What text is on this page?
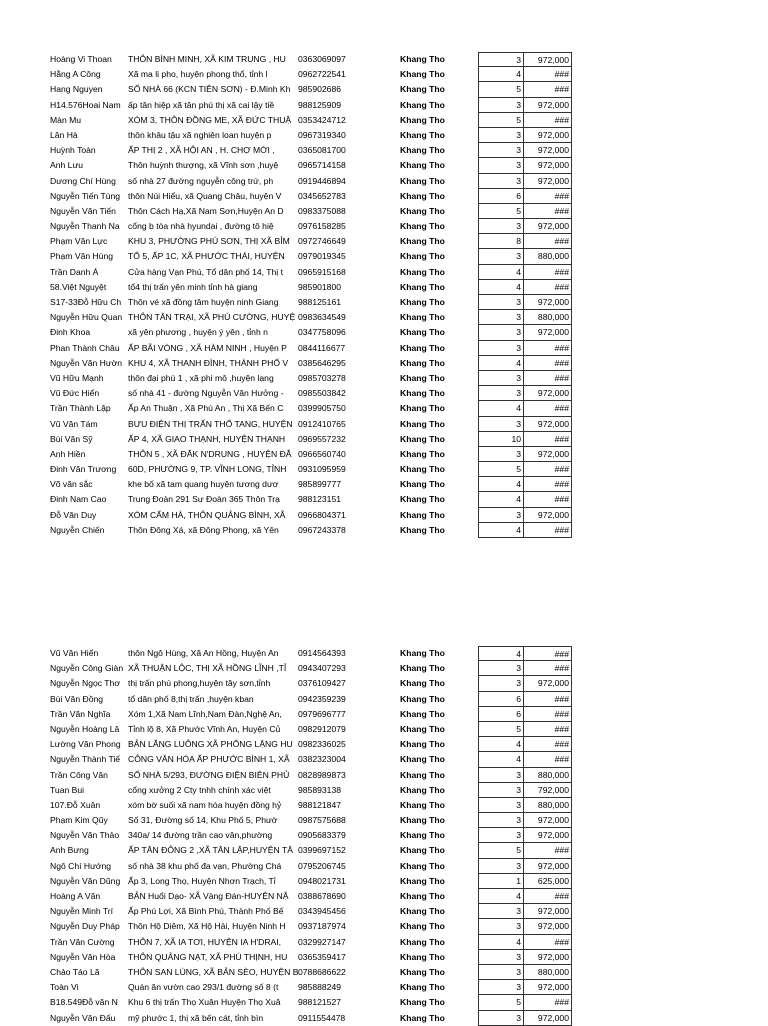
Hoàng Vi Thoan	THÔN BÌNH MINH, XÃ KIM TRUNG , HU 0363069097	Khang Tho	3	972,000
Hằng A Công	Xã ma li pho, huyện phong thổ, tỉnh l	0962722541	Khang Tho	4	###
Hang Nguyen	SỐ NHÀ 66 (KCN TIÊN SƠN) - Đ.Minh Kh 985902686	Khang Tho	5	###
H14.576Hoai Nam ấp tân hiệp xã tân phú thị xã cai lậy tiề	988125909	Khang Tho	3	972,000
Màn Mu	XÓM 3, THÔN ĐỒNG ME, XÃ ĐỨC THUẬ 0353424712	Khang Tho	5	###
Lân Hà	thôn khâu tậu xã nghiên loan huyện p	0967319340	Khang Tho	3	972,000
Huỳnh Toàn	ẤP THỊ 2 , XÃ HỘI AN , H. CHỢ MỚI ,	0365081700	Khang Tho	3	972,000
Anh Lưu	Thôn huỳnh thượng, xã Vĩnh sơn ,huyệ 0965714158	Khang Tho	3	972,000
Dương Chí Hùng	số nhà 27 đường nguyễn công trứ, ph	0919446894	Khang Tho	3	972,000
Nguyễn Tiến Tùng thôn Núi Hiểu, xã Quang Châu, huyện V 0345652783	Khang Tho	6	###
Nguyễn Văn Tiến	Thôn Cách Hạ,Xã Nam Sơn,Huyện An D 0983375088	Khang Tho	5	###
Nguyễn Thanh Na cổng b tòa nhà hyundai , đường tô hiệ	0976158285	Khang Tho	3	972,000
Phạm Văn Lực	KHU 3, PHƯỜNG PHÚ SƠN, THỊ XÃ BỈM 0972746649	Khang Tho	8	###
Phạm Văn Hùng	TỔ 5, ẤP 1C, XÃ PHƯỚC THÁI, HUYỆN 0979019345	Khang Tho	3	880,000
Trần Danh Á	Cửa hàng Vạn Phú, Tổ dân phố 14, Thị t 0965915168	Khang Tho	4	###
58.Việt Nguyệt	tổ4 thị trấn yên minh tỉnh hà giang	985901800	Khang Tho	4	###
S17-33Đỗ Hữu Ch Thôn vé xã đồng tâm huyện ninh Giang 988125161	Khang Tho	3	972,000
Nguyễn Hữu Quan THÔN TÂN TRẠI, XÃ PHÚ CƯỜNG, HUYỆ 0983634549	Khang Tho	3	880,000
Đinh Khoa	xã yên phương , huyện ý yên , tỉnh n	0347758096	Khang Tho	3	972,000
Phan Thành Châu ẤP BÃI VÒNG , XÃ HÀM NINH , Huyện P 0844116677	Khang Tho	3	###
Nguyễn Văn Hườn KHU 4, XÃ THANH ĐÌNH, THÀNH PHỐ V 0385646295	Khang Tho	4	###
Vũ Hữu Mạnh	thôn đại phú 1 , xã phi mô ,huyện lạng	0985703278	Khang Tho	3	###
Vũ Đức Hiển	số nhà 41 - đường Nguyễn Văn Hưởng - 0985503842	Khang Tho	3	972,000
Trần Thành Lập	Ấp An Thuận , Xã Phú An , Thị Xã Bến C 0399905750	Khang Tho	4	###
Vũ Văn Tám	BƯU ĐIỆN THỊ TRẤN THỔ TANG, HUYỆN 0912410765	Khang Tho	3	972,000
Bùi Văn Sỹ	ẤP 4, XÃ GIAO THẠNH, HUYỆN THẠNH 0969557232	Khang Tho	10	###
Anh Hiền	THÔN 5 , XÃ ĐẮK N'DRUNG , HUYỆN ĐẮ 0966560740	Khang Tho	3	972,000
Đinh Văn Trương	60D, PHƯỜNG 9, TP. VĨNH LONG, TỈNH 0931095959	Khang Tho	5	###
Võ văn sắc	khe bố xã tam quang huyện tương dươ 985899777	Khang Tho	4	###
Đinh Nam Cao	Trung Đoàn 291 Sư Đoàn 365 Thôn Trạ 988123151	Khang Tho	4	###
Đỗ Văn Duy	XÓM CẨM HÀ, THÔN QUẢNG BÌNH, XÃ 0966804371	Khang Tho	3	972,000
Nguyễn Chiến	Thôn Đông Xá, xã Đông Phong, xã Yên 0967243378	Khang Tho	4	###
Vũ Văn Hiển	thôn Ngô Hùng, Xã An Hồng, Huyện An 0914564393	Khang Tho	4	###
Nguyễn Công Giàn XÃ THUẬN LỘC, THỊ XÃ HỒNG LĨNH ,TỈ 0943407293	Khang Tho	3	###
Nguyễn Ngọc Thơ thị trấn phú phong,huyện tây sơn,tỉnh	0376109427	Khang Tho	3	972,000
Bùi Văn Đồng	tổ dân phố 8,thị trấn ,huyện kban	0942359239	Khang Tho	6	###
Trần Văn Nghĩa	Xóm 1,Xã Nam Lĩnh,Nam Đàn,Nghệ An, 0979696777	Khang Tho	6	###
Nguyễn Hoàng Lâ	Tỉnh lộ 8, Xã Phước Vĩnh An, Huyện Củ 0982912079	Khang Tho	5	###
Lường Văn Phong BẢN LẮNG LUÔNG XÃ PHỔNG LẶNG HU 0982336025	Khang Tho	4	###
Nguyễn Thành Tiế CÔNG VĂN HÓA ẤP PHƯỚC BÌNH 1, XÃ 0382323004	Khang Tho	4	###
Trần Công Văn	SỐ NHÀ 5/293, ĐƯỜNG ĐIỆN BIÊN PHỦ 0828989873	Khang Tho	3	880,000
Tuan Bui	cổng xưởng 2 Cty tnhh chính xác việt	985893138	Khang Tho	3	792,000
107.Đỗ Xuân	xóm bờ suối xã nam hòa huyện đồng hỷ 988121847	Khang Tho	3	880,000
Phạm Kim Qũy	Số 31, Đường số 14, Khu Phố 5, Phườ 0987575688	Khang Tho	3	972,000
Nguyễn Văn Thảo	340a/ 14 đường trần cao vân,phường	0905683379	Khang Tho	3	972,000
Anh Bưng	ẤP TÂN ĐÔNG 2 ,XÃ TÂN LẬP,HUYỆN TÂ 0399697152	Khang Tho	5	###
Ngô Chí Hướng	số nhà 38 khu phố đa vạn, Phường Chá 0795206745	Khang Tho	3	972,000
Nguyễn Văn Dũng Ấp 3, Long Thọ, Huyện Nhơn Trạch, Tỉ	0948021731	Khang Tho	1	625,000
Hoàng A Văn	BẢN Huổi Dạo- XÃ Vàng Đán-HUYỆN NẬ 0388678690	Khang Tho	4	###
Nguyễn Minh Trí	Ấp Phú Lợi, Xã Bình Phú, Thành Phố Bế 0343945456	Khang Tho	3	972,000
Nguyễn Duy Pháp Thôn Hộ Diêm, Xã Hộ Hải, Huyện Ninh H 0937187974	Khang Tho	3	972,000
Trần Văn Cường	THÔN 7, XÃ IA TƠI, HUYỆN IA H'DRAI, 0329927147	Khang Tho	4	###
Nguyễn Văn Hòa	THÔN QUẢNG NẠT, XÃ PHÚ THỊNH, HU 0365359417	Khang Tho	3	972,000
Chảo Táo Lã	THÔN SAN LÙNG, XÃ BẢN SÈO, HUYỆN B0788686622	Khang Tho	3	880,000
Toàn Vi	Quán ăn vườn cao 293/1 đường số 8 (t 985888249	Khang Tho	3	972,000
B18.549Đỗ văn N	Khu 6 thị trấn Thọ Xuân Huyện Thọ Xuâ 988121527	Khang Tho	5	###
Nguyễn Văn Đấu	mỹ phước 1, thị xã bến cát, tỉnh bìn	0911554478	Khang Tho	3	972,000
